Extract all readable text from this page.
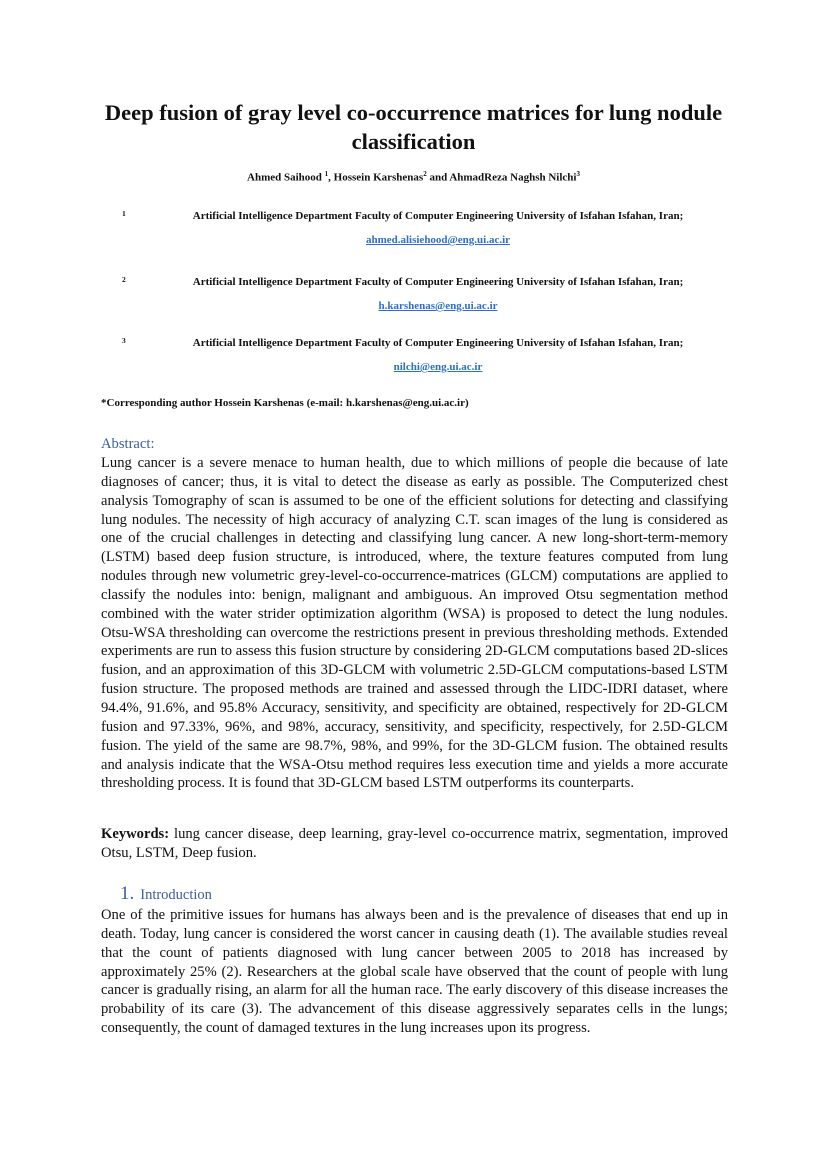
Deep fusion of gray level co-occurrence matrices for lung nodule classification
Ahmed Saihood $^1$, Hossein Karshenas$^2$ and AhmadReza Naghsh Nilchi$^3$
1	Artificial Intelligence Department Faculty of Computer Engineering University of Isfahan Isfahan, Iran;
ahmed.alisiehood@eng.ui.ac.ir
2	Artificial Intelligence Department Faculty of Computer Engineering University of Isfahan Isfahan, Iran;
h.karshenas@eng.ui.ac.ir
3	Artificial Intelligence Department Faculty of Computer Engineering University of Isfahan Isfahan, Iran;
nilchi@eng.ui.ac.ir
*Corresponding author Hossein Karshenas (e-mail: h.karshenas@eng.ui.ac.ir)
Abstract:
Lung cancer is a severe menace to human health, due to which millions of people die because of late diagnoses of cancer; thus, it is vital to detect the disease as early as possible. The Computerized chest analysis Tomography of scan is assumed to be one of the efficient solutions for detecting and classifying lung nodules. The necessity of high accuracy of analyzing C.T. scan images of the lung is considered as one of the crucial challenges in detecting and classifying lung cancer. A new long-short-term-memory (LSTM) based deep fusion structure, is introduced, where, the texture features computed from lung nodules through new volumetric grey-level-co-occurrence-matrices (GLCM) computations are applied to classify the nodules into: benign, malignant and ambiguous. An improved Otsu segmentation method combined with the water strider optimization algorithm (WSA) is proposed to detect the lung nodules. Otsu-WSA thresholding can overcome the restrictions present in previous thresholding methods. Extended experiments are run to assess this fusion structure by considering 2D-GLCM computations based 2D-slices fusion, and an approximation of this 3D-GLCM with volumetric 2.5D-GLCM computations-based LSTM fusion structure. The proposed methods are trained and assessed through the LIDC-IDRI dataset, where 94.4%, 91.6%, and 95.8% Accuracy, sensitivity, and specificity are obtained, respectively for 2D-GLCM fusion and 97.33%, 96%, and 98%, accuracy, sensitivity, and specificity, respectively, for 2.5D-GLCM fusion. The yield of the same are 98.7%, 98%, and 99%, for the 3D-GLCM fusion. The obtained results and analysis indicate that the WSA-Otsu method requires less execution time and yields a more accurate thresholding process. It is found that 3D-GLCM based LSTM outperforms its counterparts.
Keywords: lung cancer disease, deep learning, gray-level co-occurrence matrix, segmentation, improved Otsu, LSTM, Deep fusion.
1. Introduction
One of the primitive issues for humans has always been and is the prevalence of diseases that end up in death. Today, lung cancer is considered the worst cancer in causing death (1). The available studies reveal that the count of patients diagnosed with lung cancer between 2005 to 2018 has increased by approximately 25% (2). Researchers at the global scale have observed that the count of people with lung cancer is gradually rising, an alarm for all the human race. The early discovery of this disease increases the probability of its care (3). The advancement of this disease aggressively separates cells in the lungs; consequently, the count of damaged textures in the lung increases upon its progress.
